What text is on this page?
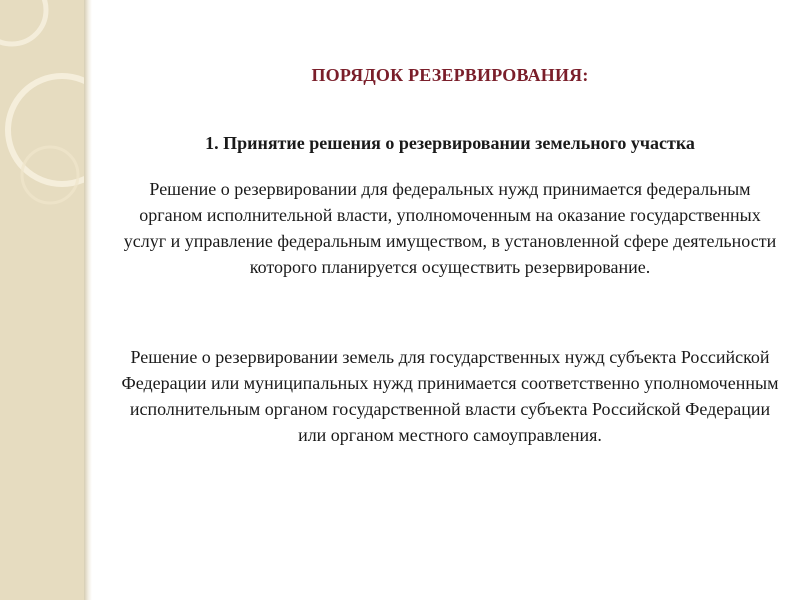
ПОРЯДОК РЕЗЕРВИРОВАНИЯ:
1. Принятие решения о резервировании земельного участка

Решение о резервировании для федеральных нужд принимается федеральным органом исполнительной власти, уполномоченным на оказание государственных услуг и управление федеральным имуществом, в установленной сфере деятельности которого планируется осуществить резервирование.

Решение о резервировании земель для государственных нужд субъекта Российской Федерации или муниципальных нужд принимается соответственно уполномоченным исполнительным органом государственной власти субъекта Российской Федерации или органом местного самоуправления.
